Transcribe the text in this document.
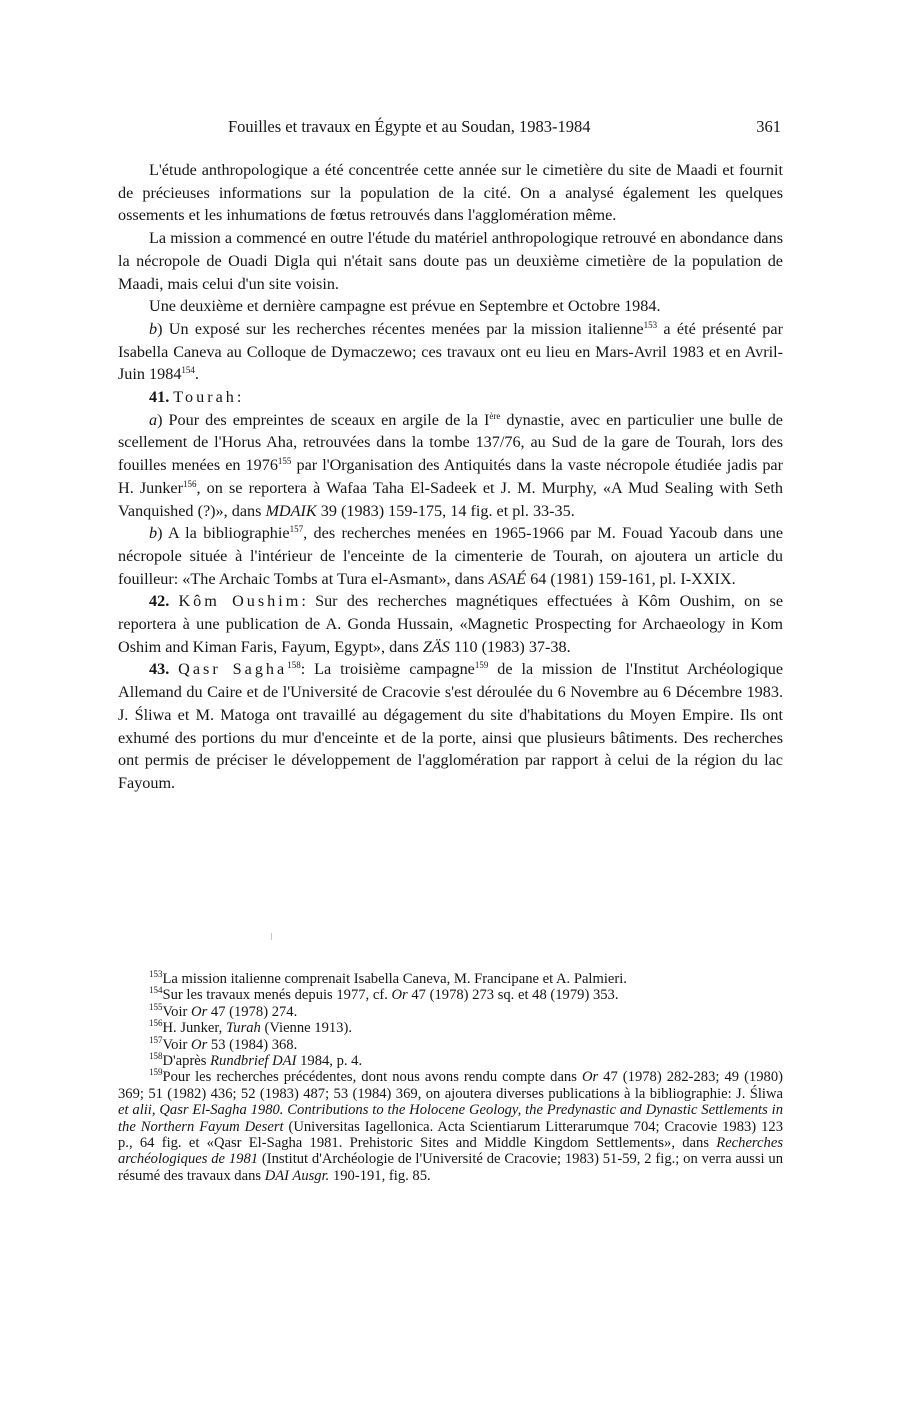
Fouilles et travaux en Égypte et au Soudan, 1983-1984	361

L'étude anthropologique a été concentrée cette année sur le cimetière du site de Maadi et fournit de précieuses informations sur la population de la cité. On a analysé également les quelques ossements et les inhumations de fœtus retrouvés dans l'agglomération même.

La mission a commencé en outre l'étude du matériel anthropologique retrouvé en abondance dans la nécropole de Ouadi Digla qui n'était sans doute pas un deuxième cimetière de la population de Maadi, mais celui d'un site voisin.

Une deuxième et dernière campagne est prévue en Septembre et Octobre 1984.

b) Un exposé sur les recherches récentes menées par la mission italienne$^{153}$ a été présenté par Isabella Caneva au Colloque de Dymaczewo; ces travaux ont eu lieu en Mars-Avril 1983 et en Avril-Juin 1984$^{154}$.

41. Tourah:

a) Pour des empreintes de sceaux en argile de la Ière dynastie, avec en particulier une bulle de scellement de l'Horus Aha, retrouvées dans la tombe 137/76, au Sud de la gare de Tourah, lors des fouilles menées en 1976$^{155}$ par l'Organisation des Antiquités dans la vaste nécropole étudiée jadis par H. Junker$^{156}$, on se reportera à Wafaa Taha El-Sadeek et J. M. Murphy, «A Mud Sealing with Seth Vanquished (?)», dans MDAIK 39 (1983) 159-175, 14 fig. et pl. 33-35.

b) A la bibliographie$^{157}$, des recherches menées en 1965-1966 par M. Fouad Yacoub dans une nécropole située à l'intérieur de l'enceinte de la cimenterie de Tourah, on ajoutera un article du fouilleur: «The Archaic Tombs at Tura el-Asmant», dans ASAÉ 64 (1981) 159-161, pl. I-XXIX.

42. Kôm Oushim: Sur des recherches magnétiques effectuées à Kôm Oushim, on se reportera à une publication de A. Gonda Hussain, «Magnetic Prospecting for Archaeology in Kom Oshim and Kiman Faris, Fayum, Egypt», dans ZÄS 110 (1983) 37-38.

43. Qasr Sagha$^{158}$: La troisième campagne$^{159}$ de la mission de l'Institut Archéologique Allemand du Caire et de l'Université de Cracovie s'est déroulée du 6 Novembre au 6 Décembre 1983. J. Śliwa et M. Matoga ont travaillé au dégagement du site d'habitations du Moyen Empire. Ils ont exhumé des portions du mur d'enceinte et de la porte, ainsi que plusieurs bâtiments. Des recherches ont permis de préciser le développement de l'agglomération par rapport à celui de la région du lac Fayoum.

$^{153}$La mission italienne comprenait Isabella Caneva, M. Francipane et A. Palmieri.

$^{154}$Sur les travaux menés depuis 1977, cf. Or 47 (1978) 273 sq. et 48 (1979) 353.

$^{155}$Voir Or 47 (1978) 274.

$^{156}$H. Junker, Turah (Vienne 1913).

$^{157}$Voir Or 53 (1984) 368.

$^{158}$D'après Rundbrief DAI 1984, p. 4.

$^{159}$Pour les recherches précédentes, dont nous avons rendu compte dans Or 47 (1978) 282-283; 49 (1980) 369; 51 (1982) 436; 52 (1983) 487; 53 (1984) 369, on ajoutera diverses publications à la bibliographie: J. Śliwa et alii, Qasr El-Sagha 1980. Contributions to the Holocene Geology, the Predynastic and Dynastic Settlements in the Northern Fayum Desert (Universitas Iagellonica. Acta Scientiarum Litterarumque 704; Cracovie 1983) 123 p., 64 fig. et «Qasr El-Sagha 1981. Prehistoric Sites and Middle Kingdom Settlements», dans Recherches archéologiques de 1981 (Institut d'Archéologie de l'Université de Cracovie; 1983) 51-59, 2 fig.; on verra aussi un résumé des travaux dans DAI Ausgr. 190-191, fig. 85.
